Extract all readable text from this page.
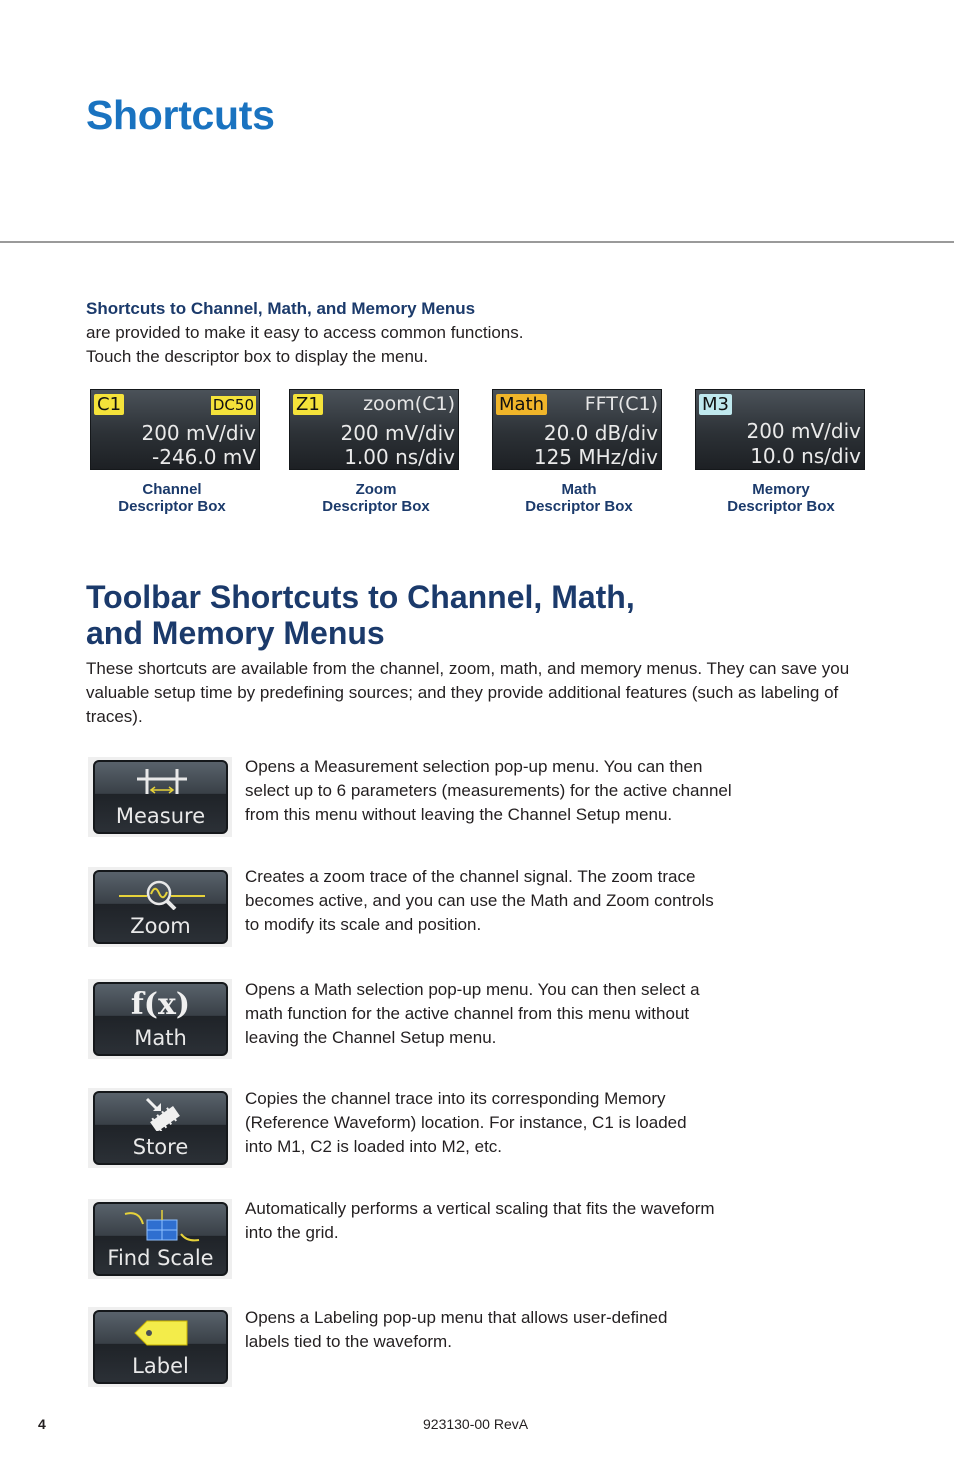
Shortcuts
Shortcuts to Channel, Math, and Memory Menus
are provided to make it easy to access common functions.
Touch the descriptor box to display the menu.
C1	DC50
200 mV/div
-246.0 mV
Z1 zoom(C1)
200 mV/div
1.00 ns/div
Math FFT(C1)
20.0 dB/div
125 MHz/div
M3
200 mV/div
10.0 ns/div
Channel
Descriptor Box
Zoom
Descriptor Box
Math
Descriptor Box
Memory
Descriptor Box
Toolbar Shortcuts to Channel, Math,
and Memory Menus

These shortcuts are available from the channel, zoom, math, and memory menus. They can save you valuable setup time by predefining sources; and they provide additional features (such as labeling of traces).

Measure
Opens a Measurement selection pop-up menu. You can then
select up to 6 parameters (measurements) for the active channel
from this menu without leaving the Channel Setup menu.
Zoom
Creates a zoom trace of the channel signal. The zoom trace
becomes active, and you can use the Math and Zoom controls
to modify its scale and position.
f(x)
Math
Opens a Math selection pop-up menu. You can then select a
math function for the active channel from this menu without
leaving the Channel Setup menu.
Store
Copies the channel trace into its corresponding Memory
(Reference Waveform) location. For instance, C1 is loaded
into M1, C2 is loaded into M2, etc.
Find Scale
Automatically performs a vertical scaling that fits the waveform
into the grid.
Label
Opens a Labeling pop-up menu that allows user-defined
labels tied to the waveform.
4	923130-00 RevA
